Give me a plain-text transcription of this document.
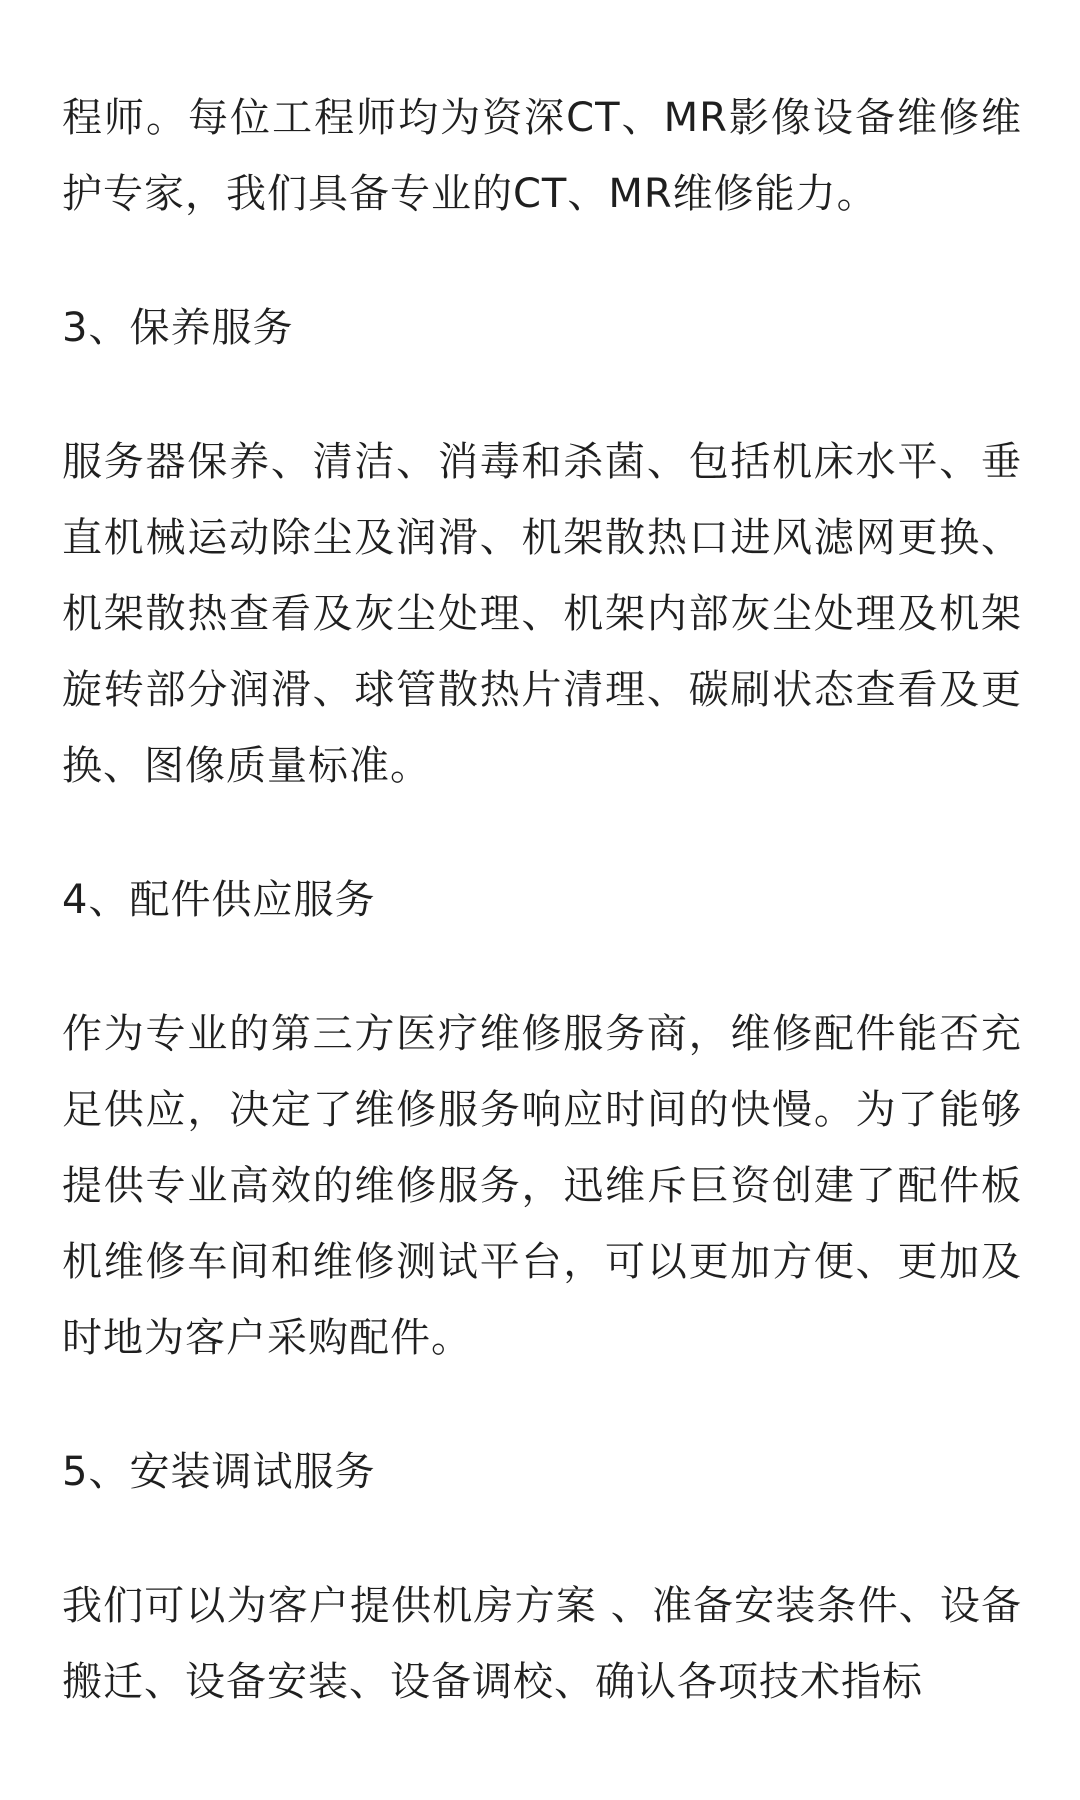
程师。每位工程师均为资深CT、MR影像设备维修维护专家，我们具备专业的CT、MR维修能力。

3、保养服务

服务器保养、清洁、消毒和杀菌、包括机床水平、垂直机械运动除尘及润滑、机架散热口进风滤网更换、机架散热查看及灰尘处理、机架内部灰尘处理及机架旋转部分润滑、球管散热片清理、碳刷状态查看及更换、图像质量标准。

4、配件供应服务

作为专业的第三方医疗维修服务商，维修配件能否充足供应，决定了维修服务响应时间的快慢。为了能够提供专业高效的维修服务，迅维斥巨资创建了配件板机维修车间和维修测试平台，可以更加方便、更加及时地为客户采购配件。

5、安装调试服务

我们可以为客户提供机房方案 、准备安装条件、设备搬迁、设备安装、设备调校、确认各项技术指标
